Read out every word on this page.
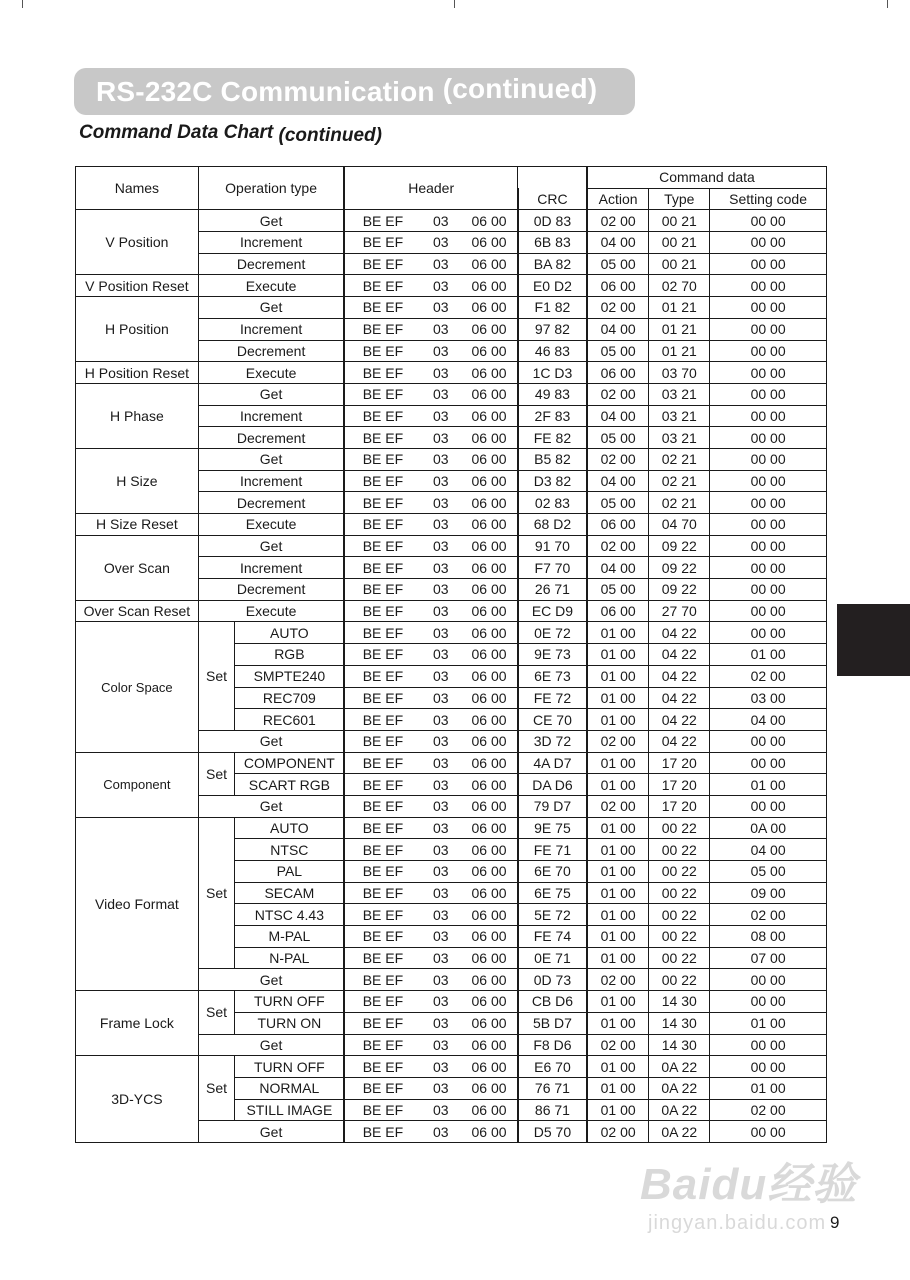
RS-232C Communication (continued)
Command Data Chart (continued)
Names	Operation type		Header				Command data		
						CRC	Action	Type	Setting code
V Position	Get		BE EF	03	06 00	0D 83	02 00	00 21	00 00
	Increment		BE EF	03	06 00	6B 83	04 00	00 21	00 00
	Decrement		BE EF	03	06 00	BA 82	05 00	00 21	00 00
V Position Reset	Execute		BE EF	03	06 00	E0 D2	06 00	02 70	00 00
H Position	Get		BE EF	03	06 00	F1 82	02 00	01 21	00 00
	Increment		BE EF	03	06 00	97 82	04 00	01 21	00 00
	Decrement		BE EF	03	06 00	46 83	05 00	01 21	00 00
H Position Reset	Execute		BE EF	03	06 00	1C D3	06 00	03 70	00 00
H Phase	Get		BE EF	03	06 00	49 83	02 00	03 21	00 00
	Increment		BE EF	03	06 00	2F 83	04 00	03 21	00 00
	Decrement		BE EF	03	06 00	FE 82	05 00	03 21	00 00
H Size	Get		BE EF	03	06 00	B5 82	02 00	02 21	00 00
	Increment		BE EF	03	06 00	D3 82	04 00	02 21	00 00
	Decrement		BE EF	03	06 00	02 83	05 00	02 21	00 00
H Size Reset	Execute		BE EF	03	06 00	68 D2	06 00	04 70	00 00
Over Scan	Get		BE EF	03	06 00	91 70	02 00	09 22	00 00
	Increment		BE EF	03	06 00	F7 70	04 00	09 22	00 00
	Decrement		BE EF	03	06 00	26 71	05 00	09 22	00 00
Over Scan Reset	Execute		BE EF	03	06 00	EC D9	06 00	27 70	00 00
Color Space	Set	AUTO	BE EF	03	06 00	0E 72	01 00	04 22	00 00
		RGB	BE EF	03	06 00	9E 73	01 00	04 22	01 00
		SMPTE240	BE EF	03	06 00	6E 73	01 00	04 22	02 00
		REC709	BE EF	03	06 00	FE 72	01 00	04 22	03 00
		REC601	BE EF	03	06 00	CE 70	01 00	04 22	04 00
	Get		BE EF	03	06 00	3D 72	02 00	04 22	00 00
Component	Set	COMPONENT	BE EF	03	06 00	4A D7	01 00	17 20	00 00
		SCART RGB	BE EF	03	06 00	DA D6	01 00	17 20	01 00
	Get		BE EF	03	06 00	79 D7	02 00	17 20	00 00
Video Format	Set	AUTO	BE EF	03	06 00	9E 75	01 00	00 22	0A 00
		NTSC	BE EF	03	06 00	FE 71	01 00	00 22	04 00
		PAL	BE EF	03	06 00	6E 70	01 00	00 22	05 00
		SECAM	BE EF	03	06 00	6E 75	01 00	00 22	09 00
		NTSC 4.43	BE EF	03	06 00	5E 72	01 00	00 22	02 00
		M-PAL	BE EF	03	06 00	FE 74	01 00	00 22	08 00
		N-PAL	BE EF	03	06 00	0E 71	01 00	00 22	07 00
	Get		BE EF	03	06 00	0D 73	02 00	00 22	00 00
Frame Lock	Set	TURN OFF	BE EF	03	06 00	CB D6	01 00	14 30	00 00
		TURN ON	BE EF	03	06 00	5B D7	01 00	14 30	01 00
	Get		BE EF	03	06 00	F8 D6	02 00	14 30	00 00
3D-YCS	Set	TURN OFF	BE EF	03	06 00	E6 70	01 00	0A 22	00 00
		NORMAL	BE EF	03	06 00	76 71	01 00	0A 22	01 00
		STILL IMAGE	BE EF	03	06 00	86 71	01 00	0A 22	02 00
	Get		BE EF	03	06 00	D5 70	02 00	0A 22	00 00
Baidu经验
jingyan.baidu.com 9
